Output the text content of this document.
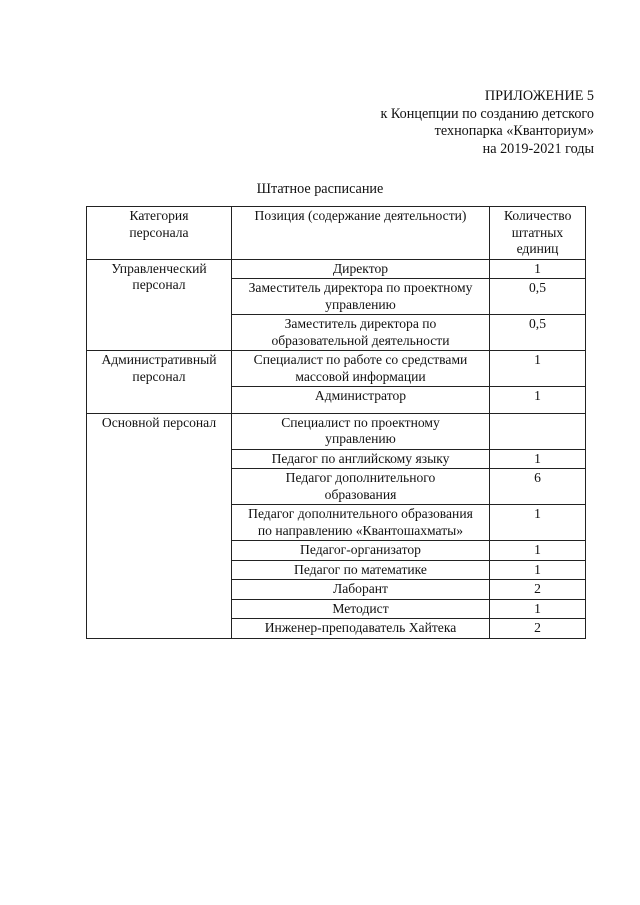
ПРИЛОЖЕНИЕ 5
к Концепции по созданию детского
технопарка «Кванториум»
на 2019-2021 годы
Штатное расписание
Категория персонала	Позиция (содержание деятельности)	Количество штатных единиц
Управленческий персонал	Директор	1
	Заместитель директора по проектному управлению	0,5
	Заместитель директора по образовательной деятельности	0,5
Административный персонал	Специалист по работе со средствами массовой информации	1
	Администратор	1
Основной персонал	Специалист по проектному управлению	
	Педагог по английскому языку	1
	Педагог дополнительного образования	6
	Педагог дополнительного образования по направлению «Квантошахматы»	1
	Педагог-организатор	1
	Педагог по математике	1
	Лаборант	2
	Методист	1
	Инженер-преподаватель Хайтека	2
